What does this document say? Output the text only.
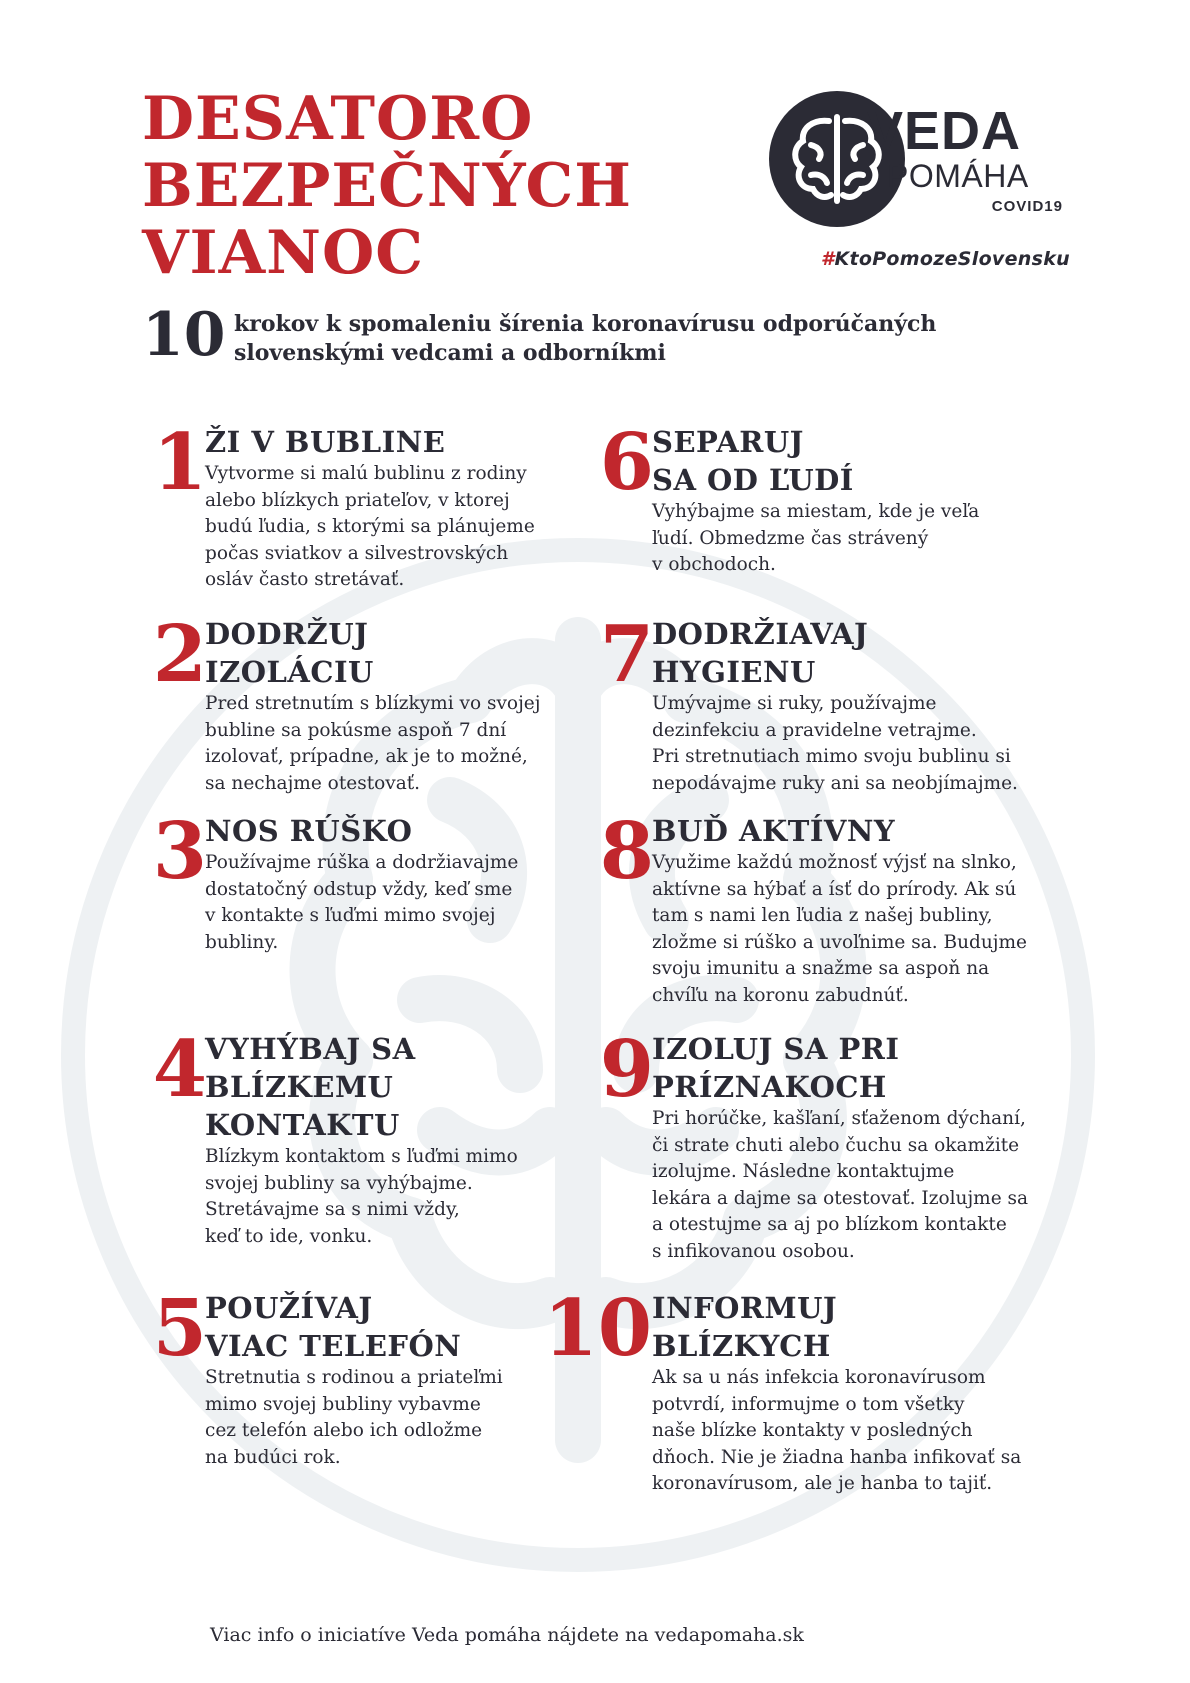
DESATORO
BEZPEČNÝCH
VIANOC
10 krokov k spomaleniu šírenia koronavírusu odporúčaných slovenskými vedcami a odborníkmi
VEDA
POMÁHA
COVID19
#KtoPomozeSlovensku
1
ŽI V BUBLINE

Vytvorme si malú bublinu z rodiny
alebo blízkych priateľov, v ktorej
budú ľudia, s ktorými sa plánujeme
počas sviatkov a silvestrovských
osláv často stretávať.

2
DODRŽUJ
IZOLÁCIU

Pred stretnutím s blízkymi vo svojej
bubline sa pokúsme aspoň 7 dní
izolovať, prípadne, ak je to možné,
sa nechajme otestovať.

3
NOS RÚŠKO

Používajme rúška a dodržiavajme
dostatočný odstup vždy, keď sme
v kontakte s ľuďmi mimo svojej
bubliny.

4
VYHÝBAJ SA
BLÍZKEMU
KONTAKTU

Blízkym kontaktom s ľuďmi mimo
svojej bubliny sa vyhýbajme.
Stretávajme sa s nimi vždy,
keď to ide, vonku.

5
POUŽÍVAJ
VIAC TELEFÓN

Stretnutia s rodinou a priateľmi
mimo svojej bubliny vybavme
cez telefón alebo ich odložme
na budúci rok.

6
SEPARUJ
SA OD ĽUDÍ

Vyhýbajme sa miestam, kde je veľa
ľudí. Obmedzme čas strávený
v obchodoch.

7
DODRŽIAVAJ
HYGIENU

Umývajme si ruky, používajme
dezinfekciu a pravidelne vetrajme.
Pri stretnutiach mimo svoju bublinu si
nepodávajme ruky ani sa neobjímajme.

8
BUĎ AKTÍVNY

Využime každú možnosť výjsť na slnko,
aktívne sa hýbať a ísť do prírody. Ak sú
tam s nami len ľudia z našej bubliny,
zložme si rúško a uvoľnime sa. Budujme
svoju imunitu a snažme sa aspoň na
chvíľu na koronu zabudnúť.

9
IZOLUJ SA PRI
PRÍZNAKOCH

Pri horúčke, kašľaní, sťaženom dýchaní,
či strate chuti alebo čuchu sa okamžite
izolujme. Následne kontaktujme
lekára a dajme sa otestovať. Izolujme sa
a otestujme sa aj po blízkom kontakte
s infikovanou osobou.

10 INFORMUJ
BLÍZKYCH

Ak sa u nás infekcia koronavírusom
potvrdí, informujme o tom všetky
naše blízke kontakty v posledných
dňoch. Nie je žiadna hanba infikovať sa
koronavírusom, ale je hanba to tajiť.

Viac info o iniciatíve Veda pomáha nájdete na vedapomaha.sk
